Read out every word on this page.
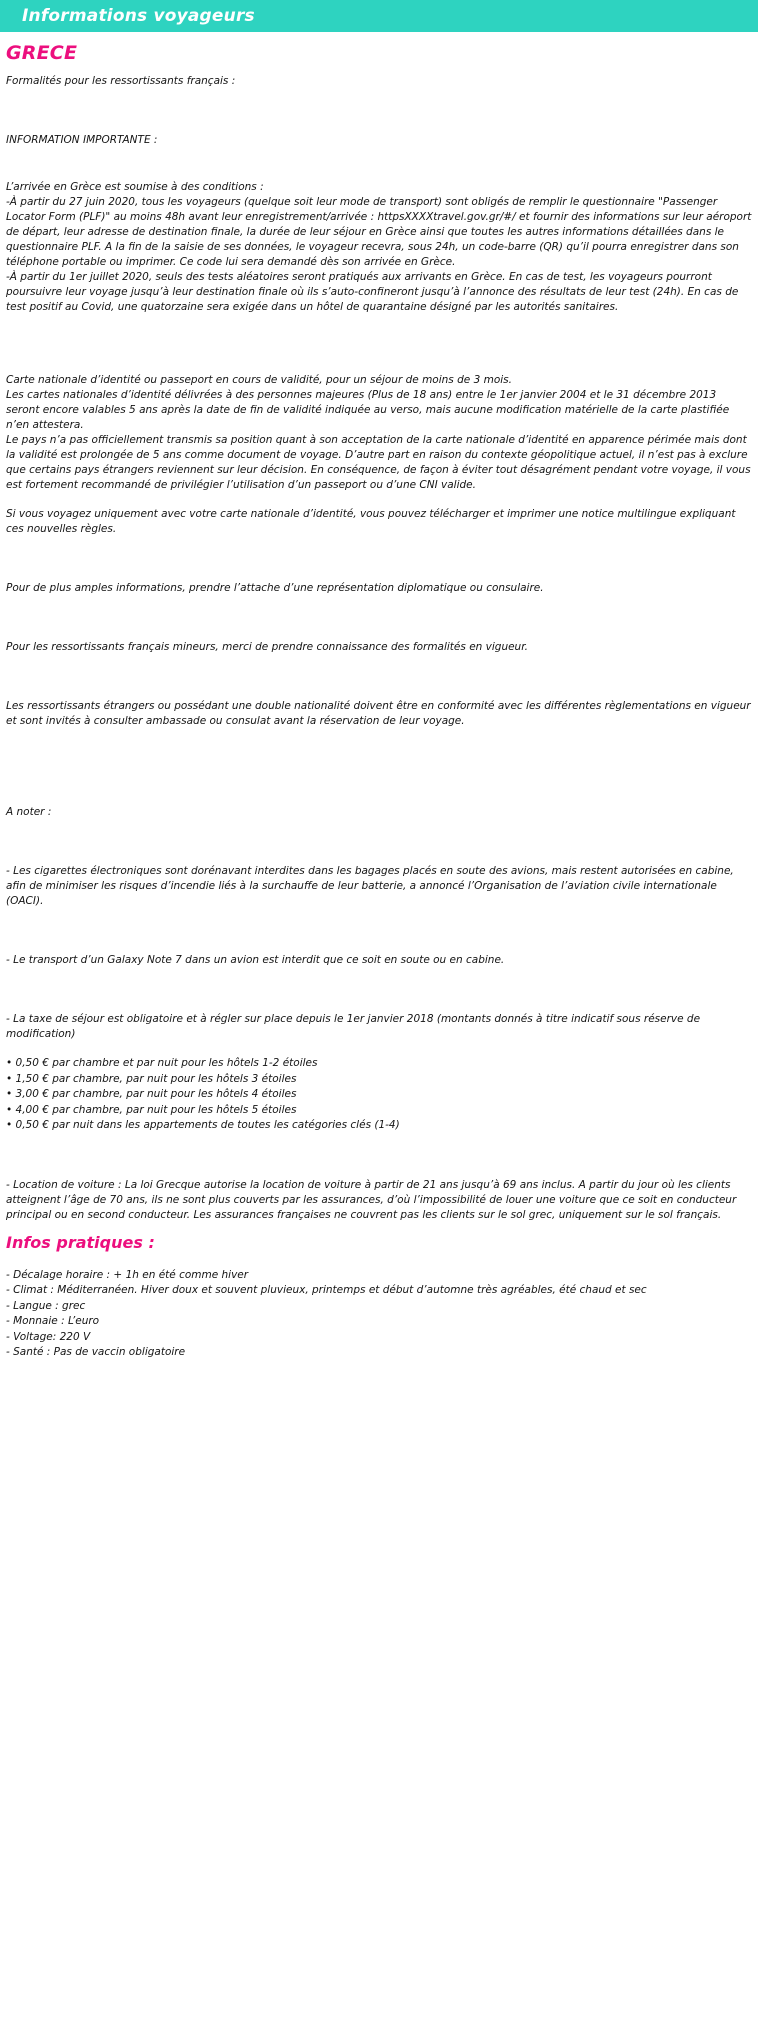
Informations voyageurs
GRECE

Formalités pour les ressortissants français :

INFORMATION IMPORTANTE :

L’arrivée en Grèce est soumise à des conditions :

-À partir du 27 juin 2020, tous les voyageurs (quelque soit leur mode de transport) sont obligés de remplir le questionnaire "Passenger Locator Form (PLF)" au moins 48h avant leur enregistrement/arrivée : httpsXXXXtravel.gov.gr/#/ et fournir des informations sur leur aéroport de départ, leur adresse de destination finale, la durée de leur séjour en Grèce ainsi que toutes les autres informations détaillées dans le questionnaire PLF. A la fin de la saisie de ses données, le voyageur recevra, sous 24h, un code-barre (QR) qu’il pourra enregistrer dans son téléphone portable ou imprimer. Ce code lui sera demandé dès son arrivée en Grèce.

-À partir du 1er juillet 2020, seuls des tests aléatoires seront pratiqués aux arrivants en Grèce. En cas de test, les voyageurs pourront poursuivre leur voyage jusqu’à leur destination finale où ils s’auto-confineront jusqu’à l’annonce des résultats de leur test (24h). En cas de test positif au Covid, une quatorzaine sera exigée dans un hôtel de quarantaine désigné par les autorités sanitaires.

Carte nationale d’identité ou passeport en cours de validité, pour un séjour de moins de 3 mois.

Les cartes nationales d’identité délivrées à des personnes majeures (Plus de 18 ans) entre le 1er janvier 2004 et le 31 décembre 2013 seront encore valables 5 ans après la date de fin de validité indiquée au verso, mais aucune modification matérielle de la carte plastifiée n’en attestera.

Le pays n’a pas officiellement transmis sa position quant à son acceptation de la carte nationale d’identité en apparence périmée mais dont la validité est prolongée de 5 ans comme document de voyage. D’autre part en raison du contexte géopolitique actuel, il n’est pas à exclure que certains pays étrangers reviennent sur leur décision. En conséquence, de façon à éviter tout désagrément pendant votre voyage, il vous est fortement recommandé de privilégier l’utilisation d’un passeport ou d’une CNI valide.

Si vous voyagez uniquement avec votre carte nationale d’identité, vous pouvez télécharger et imprimer une notice multilingue expliquant ces nouvelles règles.

Pour de plus amples informations, prendre l’attache d’une représentation diplomatique ou consulaire.

Pour les ressortissants français mineurs, merci de prendre connaissance des formalités en vigueur.

Les ressortissants étrangers ou possédant une double nationalité doivent être en conformité avec les différentes règlementations en vigueur et sont invités à consulter ambassade ou consulat avant la réservation de leur voyage.

A noter :

- Les cigarettes électroniques sont dorénavant interdites dans les bagages placés en soute des avions, mais restent autorisées en cabine, afin de minimiser les risques d’incendie liés à la surchauffe de leur batterie, a annoncé l’Organisation de l’aviation civile internationale (OACI).

- Le transport d’un Galaxy Note 7 dans un avion est interdit que ce soit en soute ou en cabine.

- La taxe de séjour est obligatoire et à régler sur place depuis le 1er janvier 2018 (montants donnés à titre indicatif sous réserve de modification)

• 0,50 € par chambre et par nuit pour les hôtels 1-2 étoiles

• 1,50 € par chambre, par nuit pour les hôtels 3 étoiles

• 3,00 € par chambre, par nuit pour les hôtels 4 étoiles

• 4,00 € par chambre, par nuit pour les hôtels 5 étoiles

• 0,50 € par nuit dans les appartements de toutes les catégories clés (1-4)

- Location de voiture : La loi Grecque autorise la location de voiture à partir de 21 ans jusqu’à 69 ans inclus. A partir du jour où les clients atteignent l’âge de 70 ans, ils ne sont plus couverts par les assurances, d’où l’impossibilité de louer une voiture que ce soit en conducteur principal ou en second conducteur. Les assurances françaises ne couvrent pas les clients sur le sol grec, uniquement sur le sol français.

Infos pratiques :

- Décalage horaire : + 1h en été comme hiver

- Climat : Méditerranéen. Hiver doux et souvent pluvieux, printemps et début d’automne très agréables, été chaud et sec

- Langue : grec

- Monnaie : L’euro

- Voltage: 220 V

- Santé : Pas de vaccin obligatoire
